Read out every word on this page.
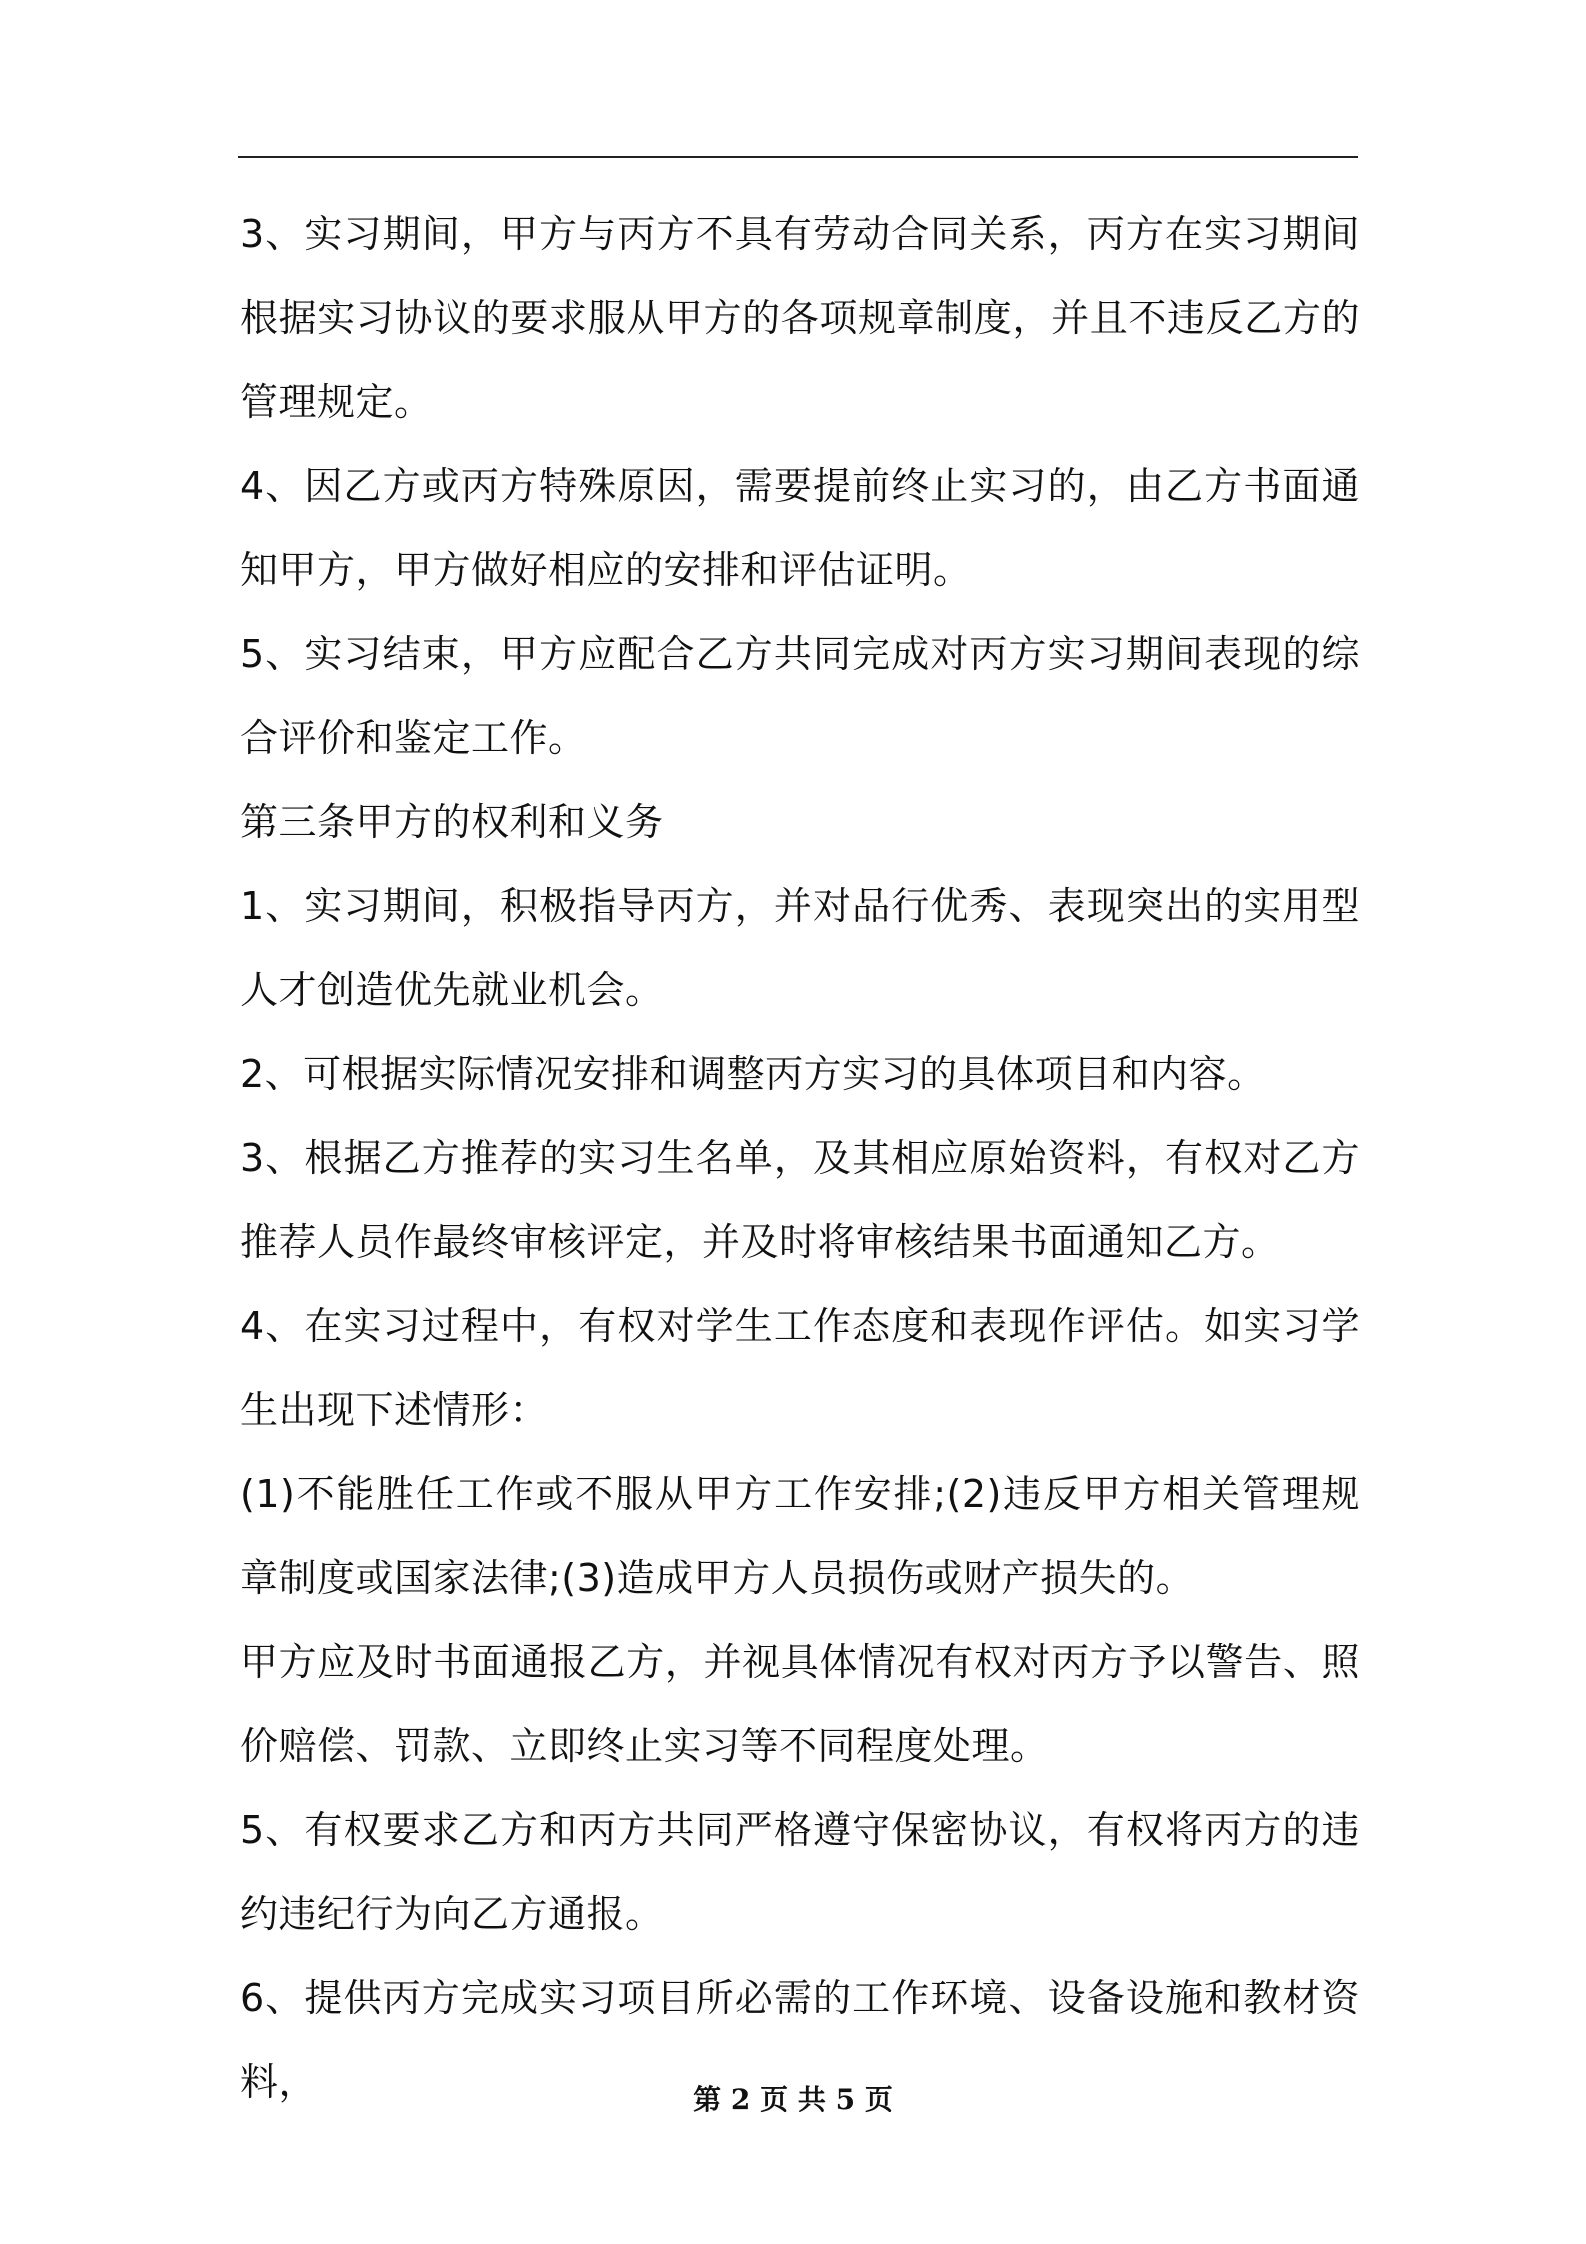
3、实习期间，甲方与丙方不具有劳动合同关系，丙方在实习期间根据实习协议的要求服从甲方的各项规章制度，并且不违反乙方的管理规定。

4、因乙方或丙方特殊原因，需要提前终止实习的，由乙方书面通知甲方，甲方做好相应的安排和评估证明。

5、实习结束，甲方应配合乙方共同完成对丙方实习期间表现的综合评价和鉴定工作。

第三条甲方的权利和义务

1、实习期间，积极指导丙方，并对品行优秀、表现突出的实用型人才创造优先就业机会。

2、可根据实际情况安排和调整丙方实习的具体项目和内容。

3、根据乙方推荐的实习生名单，及其相应原始资料，有权对乙方推荐人员作最终审核评定，并及时将审核结果书面通知乙方。

4、在实习过程中，有权对学生工作态度和表现作评估。如实习学生出现下述情形：

(1)不能胜任工作或不服从甲方工作安排;(2)违反甲方相关管理规章制度或国家法律;(3)造成甲方人员损伤或财产损失的。

甲方应及时书面通报乙方，并视具体情况有权对丙方予以警告、照价赔偿、罚款、立即终止实习等不同程度处理。

5、有权要求乙方和丙方共同严格遵守保密协议，有权将丙方的违约违纪行为向乙方通报。

6、提供丙方完成实习项目所必需的工作环境、设备设施和教材资料，	第 2 页 共 5 页
